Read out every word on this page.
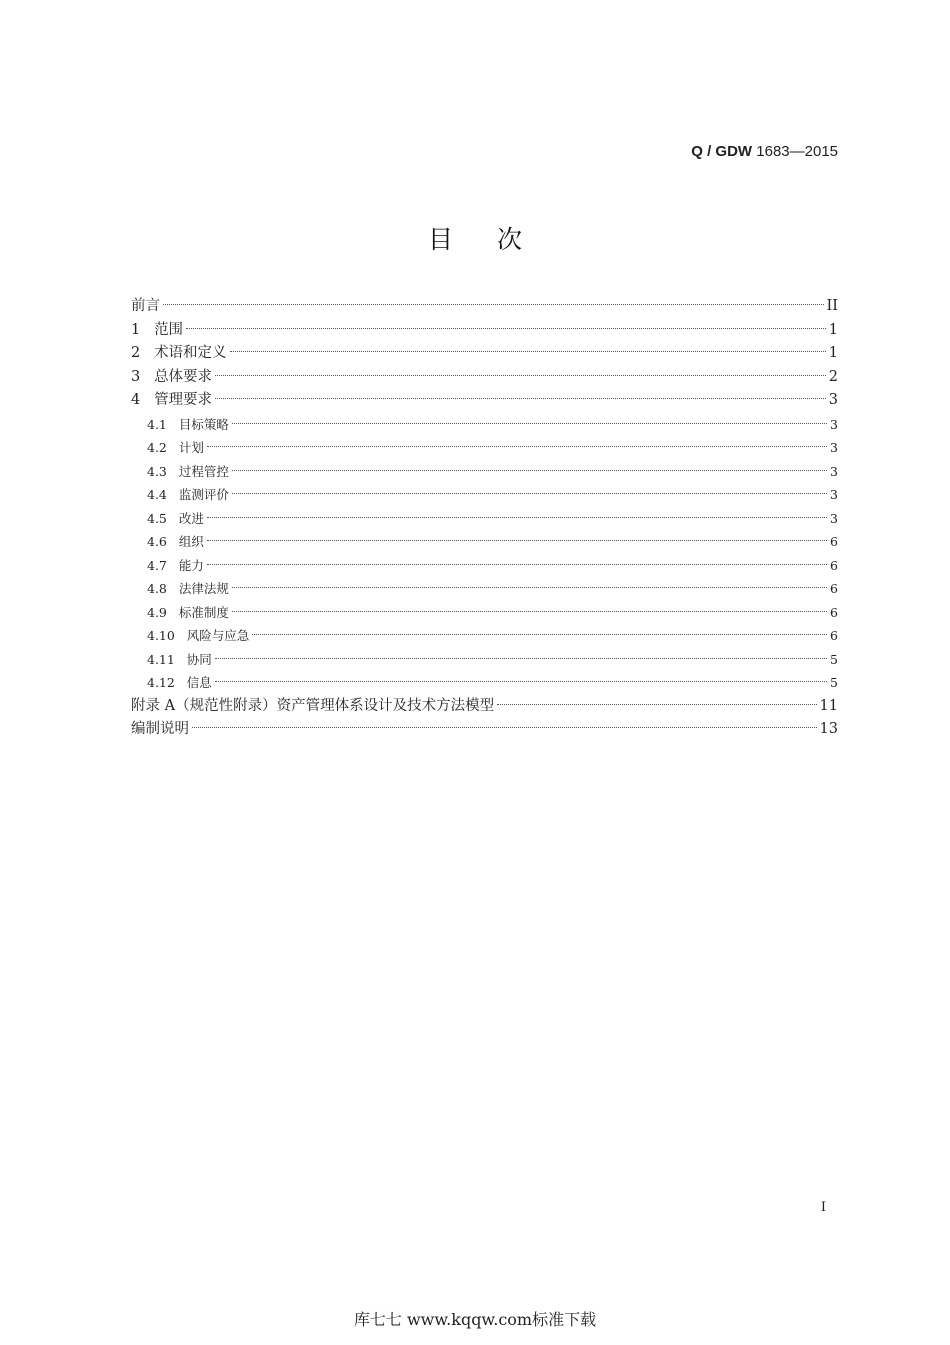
Q / GDW 1683—2015
目次
前言	II
1 范围	1
2 术语和定义	1
3 总体要求	2
4 管理要求	3
4.1 目标策略	3
4.2 计划	3
4.3 过程管控	3
4.4 监测评价	3
4.5 改进	3
4.6 组织	6
4.7 能力	6
4.8 法律法规	6
4.9 标准制度	6
4.10 风险与应急	6
4.11 协同	5
4.12 信息	5
附录 A（规范性附录）资产管理体系设计及技术方法模型	11
编制说明	13
I
库七七 www.kqqw.com标准下载
